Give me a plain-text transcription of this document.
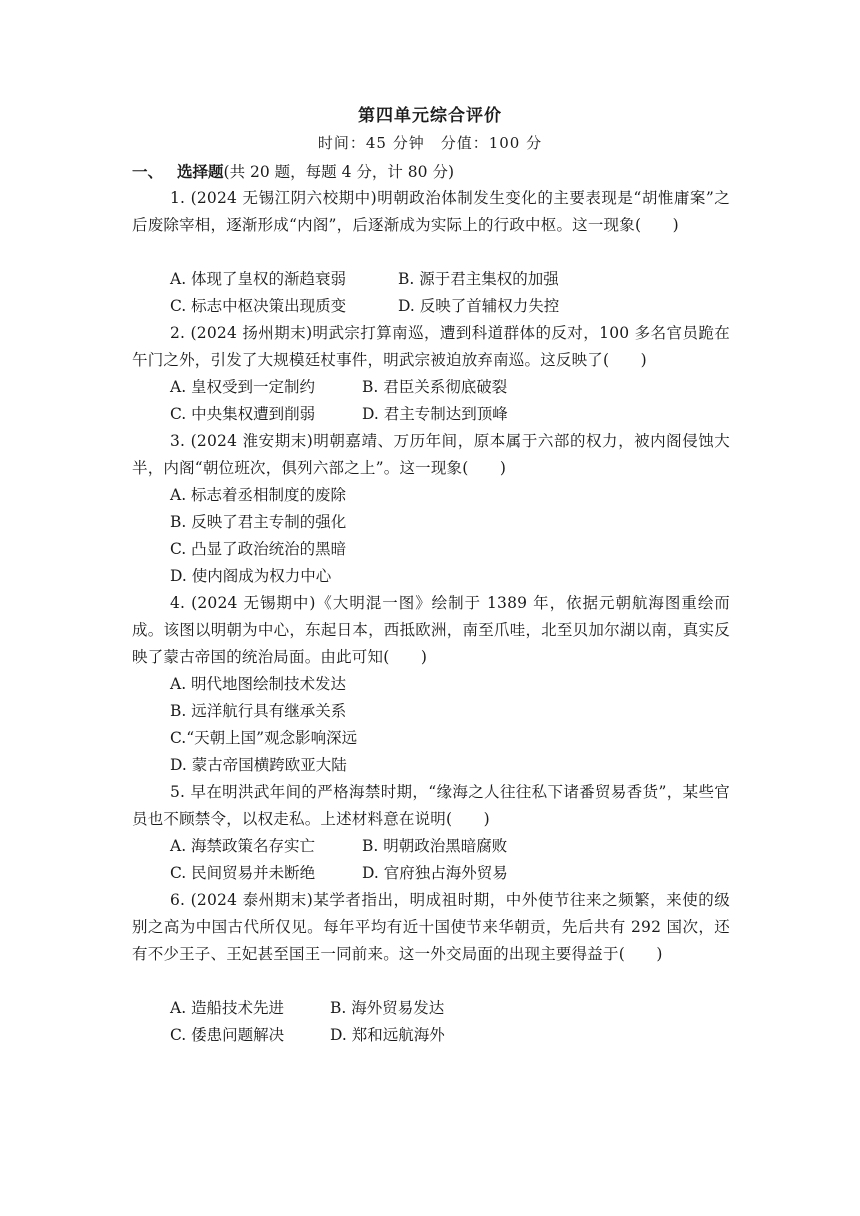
第四单元综合评价
时间：45 分钟　分值：100 分
一、 选择题(共 20 题，每题 4 分，计 80 分)
1. (2024 无锡江阴六校期中)明朝政治体制发生变化的主要表现是“胡惟庸案”之后废除宰相，逐渐形成“内阁”，后逐渐成为实际上的行政中枢。这一现象(　　)
A. 体现了皇权的渐趋衰弱	B. 源于君主集权的加强
C. 标志中枢决策出现质变	D. 反映了首辅权力失控
2. (2024 扬州期末)明武宗打算南巡，遭到科道群体的反对，100 多名官员跪在午门之外，引发了大规模廷杖事件，明武宗被迫放弃南巡。这反映了(　　)
A. 皇权受到一定制约	B. 君臣关系彻底破裂
C. 中央集权遭到削弱	D. 君主专制达到顶峰
3. (2024 淮安期末)明朝嘉靖、万历年间，原本属于六部的权力，被内阁侵蚀大半，内阁“朝位班次，俱列六部之上”。这一现象(　　)
A. 标志着丞相制度的废除
B. 反映了君主专制的强化
C. 凸显了政治统治的黑暗
D. 使内阁成为权力中心
4. (2024 无锡期中)《大明混一图》绘制于 1389 年，依据元朝航海图重绘而成。该图以明朝为中心，东起日本，西抵欧洲，南至爪哇，北至贝加尔湖以南，真实反映了蒙古帝国的统治局面。由此可知(　　)
A. 明代地图绘制技术发达
B. 远洋航行具有继承关系
C.“天朝上国”观念影响深远
D. 蒙古帝国横跨欧亚大陆
5. 早在明洪武年间的严格海禁时期，“缘海之人往往私下诸番贸易香货”，某些官员也不顾禁令，以权走私。上述材料意在说明(　　)
A. 海禁政策名存实亡	B. 明朝政治黑暗腐败
C. 民间贸易并未断绝	D. 官府独占海外贸易
6. (2024 泰州期末)某学者指出，明成祖时期，中外使节往来之频繁，来使的级别之高为中国古代所仅见。每年平均有近十国使节来华朝贡，先后共有 292 国次，还有不少王子、王妃甚至国王一同前来。这一外交局面的出现主要得益于(　　)
A. 造船技术先进	B. 海外贸易发达
C. 倭患问题解决	D. 郑和远航海外
